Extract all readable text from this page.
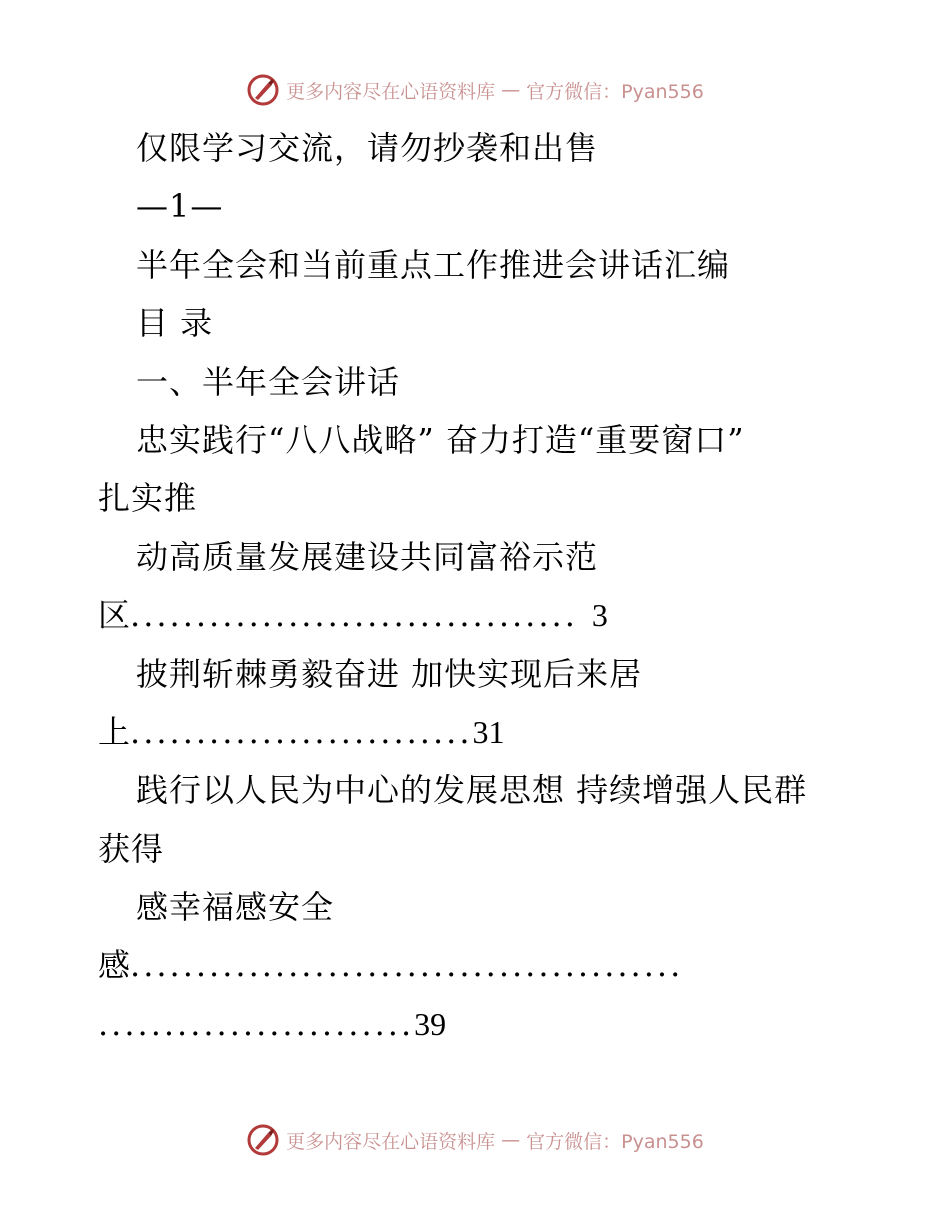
更多内容尽在心语资料库 — 官方微信：Pyan556
仅限学习交流，请勿抄袭和出售
—1—
半年全会和当前重点工作推进会讲话汇编
目 录
一、半年全会讲话
忠实践行“八八战略” 奋力打造“重要窗口”
扎实推
动高质量发展建设共同富裕示范
区 .................................. 3
披荆斩棘勇毅奋进 加快实现后来居
上 .......................... 31
践行以人民为中心的发展思想 持续增强人民群
获得
感幸福感安全
感 ..........................................
........................ 39
更多内容尽在心语资料库 — 官方微信：Pyan556
